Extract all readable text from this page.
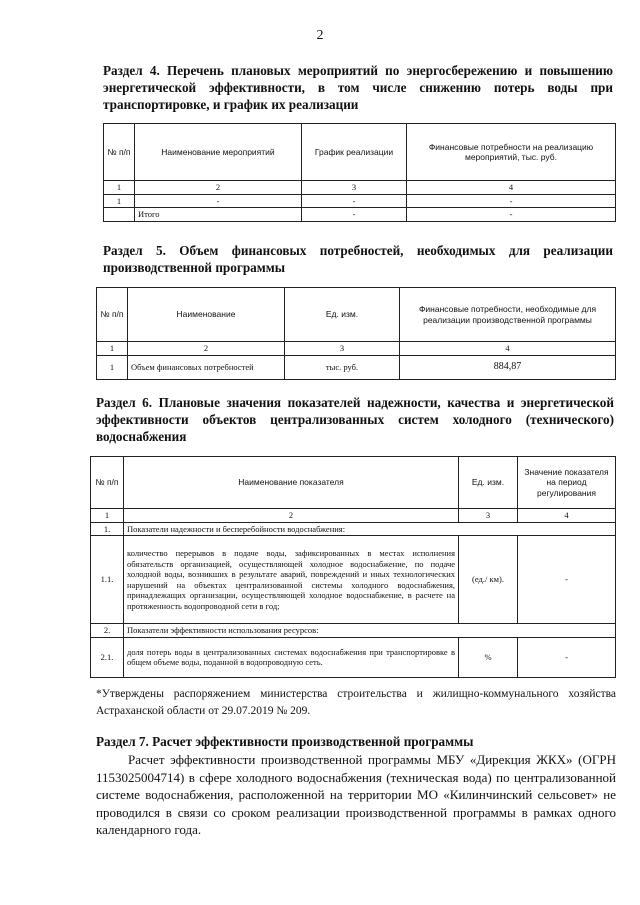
2
Раздел 4. Перечень плановых мероприятий по энергосбережению и повышению энергетической эффективности, в том числе снижению потерь воды при транспортировке, и график их реализации
№ п/п	Наименование мероприятий	График реализации	Финансовые потребности на реализацию мероприятий, тыс. руб.
1	2	3	4
1	-	-	-
	Итого	-	-
Раздел 5. Объем финансовых потребностей, необходимых для реализации производственной программы
№ п/п	Наименование	Ед. изм.	Финансовые потребности, необходимые для реализации производственной программы
1	2	3	4
1	Объем финансовых потребностей	тыс. руб.	884,87
Раздел 6. Плановые значения показателей надежности, качества и энергетической эффективности объектов централизованных систем холодного (технического) водоснабжения
№ п/п	Наименование показателя	Ед. изм.	Значение показателя на период регулирования
1	2	3	4
1.	Показатели надежности и бесперебойности водоснабжения:		
1.1.	количество перерывов в подаче воды, зафиксированных в местах исполнения обязательств организацией, осуществляющей холодное водоснабжение, по подаче холодной воды, возникших в результате аварий, повреждений и иных технологических нарушений на объектах централизованной системы холодного водоснабжения, принадлежащих организации, осуществляющей холодное водоснабжение, в расчете на протяженность водопроводной сети в год;	(ед./ км).	-
2.	Показатели эффективности использования ресурсов:		
2.1.	доля потерь воды в централизованных системах водоснабжения при транспортировке в общем объеме воды, поданной в водопроводную сеть.	%	-
*Утверждены распоряжением министерства строительства и жилищно-коммунального хозяйства Астраханской области от 29.07.2019 № 209.
Раздел 7. Расчет эффективности производственной программы
Расчет эффективности производственной программы МБУ «Дирекция ЖКХ» (ОГРН 1153025004714) в сфере холодного водоснабжения (техническая вода) по централизованной системе водоснабжения, расположенной на территории МО «Килинчинский сельсовет» не проводился в связи со сроком реализации производственной программы в рамках одного календарного года.
